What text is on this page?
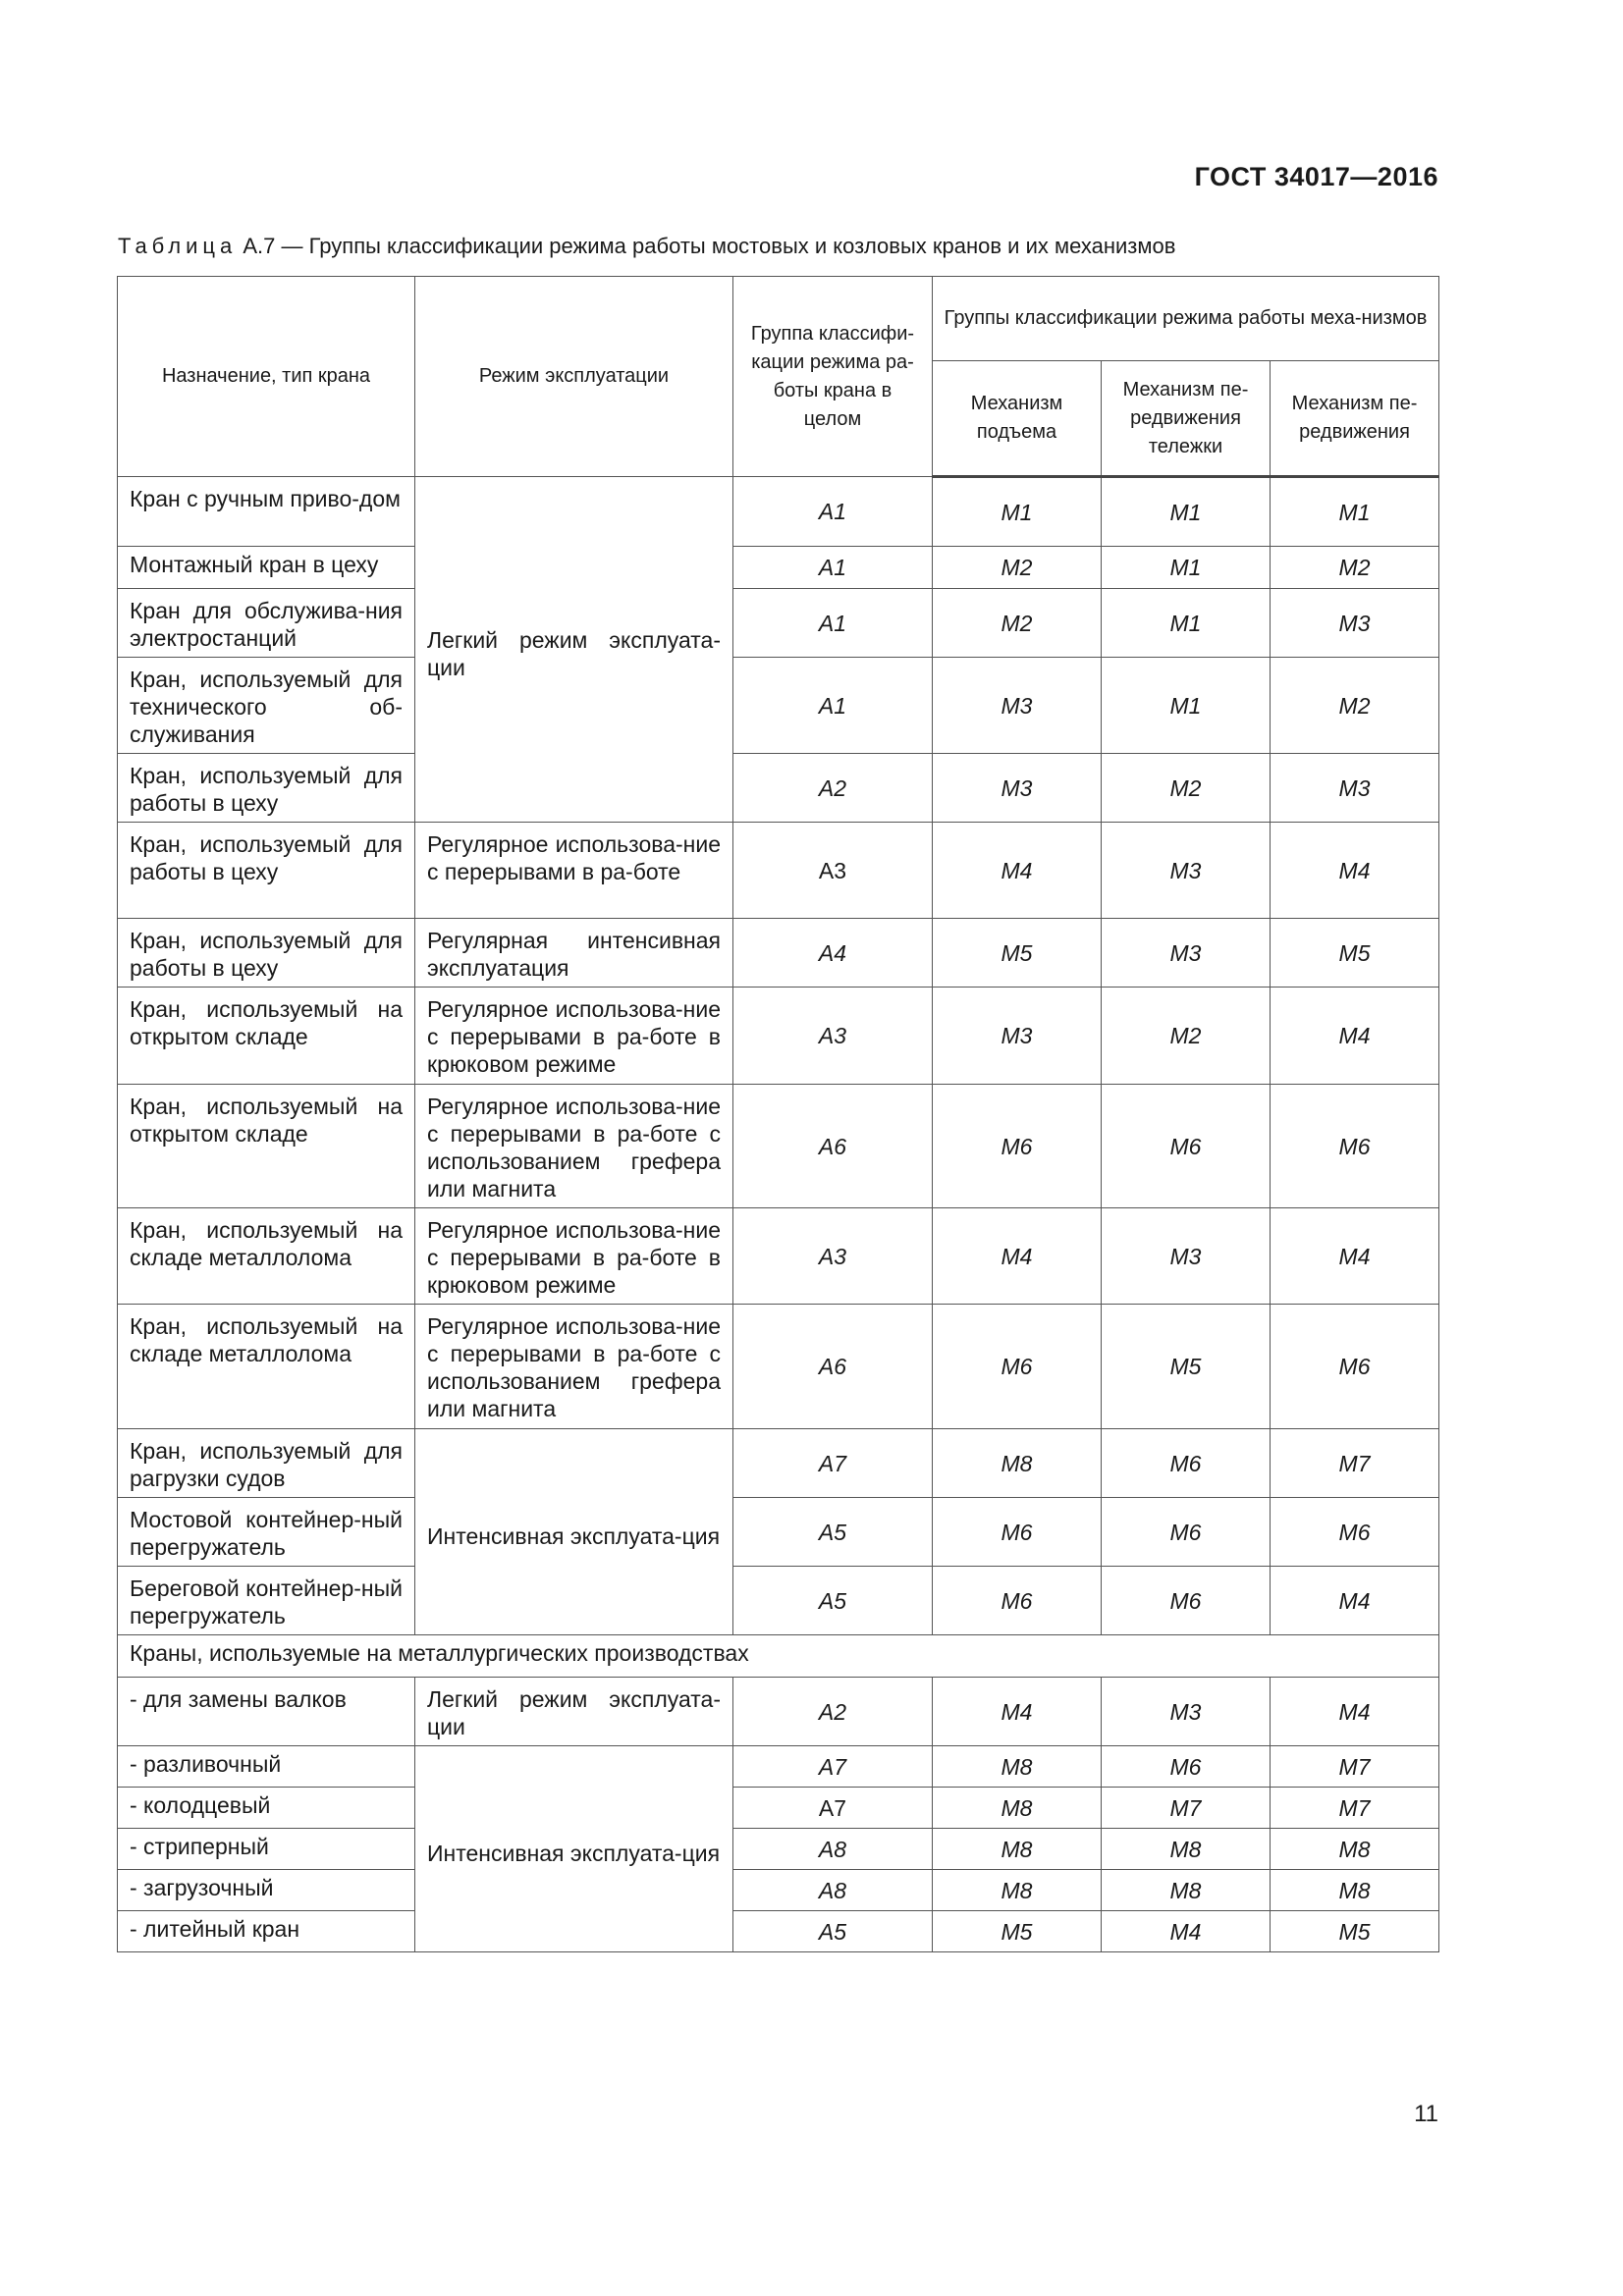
ГОСТ 34017—2016
Таблица А.7 — Группы классификации режима работы мостовых и козловых кранов и их механизмов
Назначение, тип крана	Режим эксплуатации	Группа классифи-кации режима ра-боты крана в целом	Группы классификации режима работы меха-низмов		
			Механизм подъема	Механизм пе-редвижения тележки	Механизм пе-редвижения
Кран с ручным приво-дом	Легкий режим эксплуата-ции	А1	М1	М1	М1
Монтажный кран в цеху		А1	М2	М1	М2
Кран для обслужива-ния электростанций		А1	М2	М1	М3
Кран, используемый для технического об-служивания		А1	М3	М1	М2
Кран, используемый для работы в цеху		А2	М3	М2	М3
Кран, используемый для работы в цеху	Регулярное использова-ние с перерывами в ра-боте	А3	М4	М3	М4
Кран, используемый для работы в цеху	Регулярная интенсивная эксплуатация	А4	М5	М3	М5
Кран, используемый на открытом складе	Регулярное использова-ние с перерывами в ра-боте в крюковом режиме	А3	М3	М2	М4
Кран, используемый на открытом складе	Регулярное использова-ние с перерывами в ра-боте с использованием грефера или магнита	А6	М6	М6	М6
Кран, используемый на складе металлолома	Регулярное использова-ние с перерывами в ра-боте в крюковом режиме	А3	М4	М3	М4
Кран, используемый на складе металлолома	Регулярное использова-ние с перерывами в ра-боте с использованием грефера или магнита	А6	М6	М5	М6
Кран, используемый для рагрузки судов	Интенсивная эксплуата-ция	А7	М8	М6	М7
Мостовой контейнер-ный перегружатель		А5	М6	М6	М6
Береговой контейнер-ный перегружатель		А5	М6	М6	М4
Краны, используемые на металлургических производствах					
- для замены валков	Легкий режим эксплуата-ции	А2	М4	М3	М4
- разливочный	Интенсивная эксплуата-ция	А7	М8	М6	М7
- колодцевый		А7	М8	М7	М7
- стриперный		А8	М8	М8	М8
- загрузочный		А8	М8	М8	М8
- литейный кран		А5	М5	М4	М5
11
